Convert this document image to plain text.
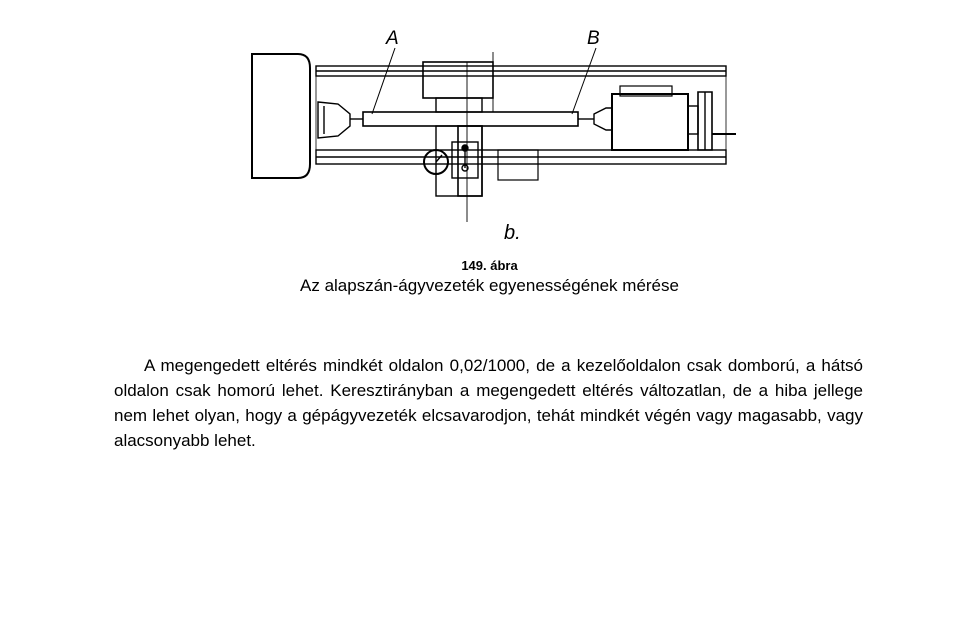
A	B
b.
149. ábra
Az alapszán-ágyvezeték egyenességének mérése

A megengedett eltérés mindkét oldalon 0,02/1000, de a kezelőoldalon csak domború, a hátsó oldalon csak homorú lehet. Keresztirányban a megengedett eltérés változatlan, de a hiba jellege nem lehet olyan, hogy a gépágyvezeték elcsavarodjon, tehát mindkét végén vagy magasabb, vagy alacsonyabb lehet.
